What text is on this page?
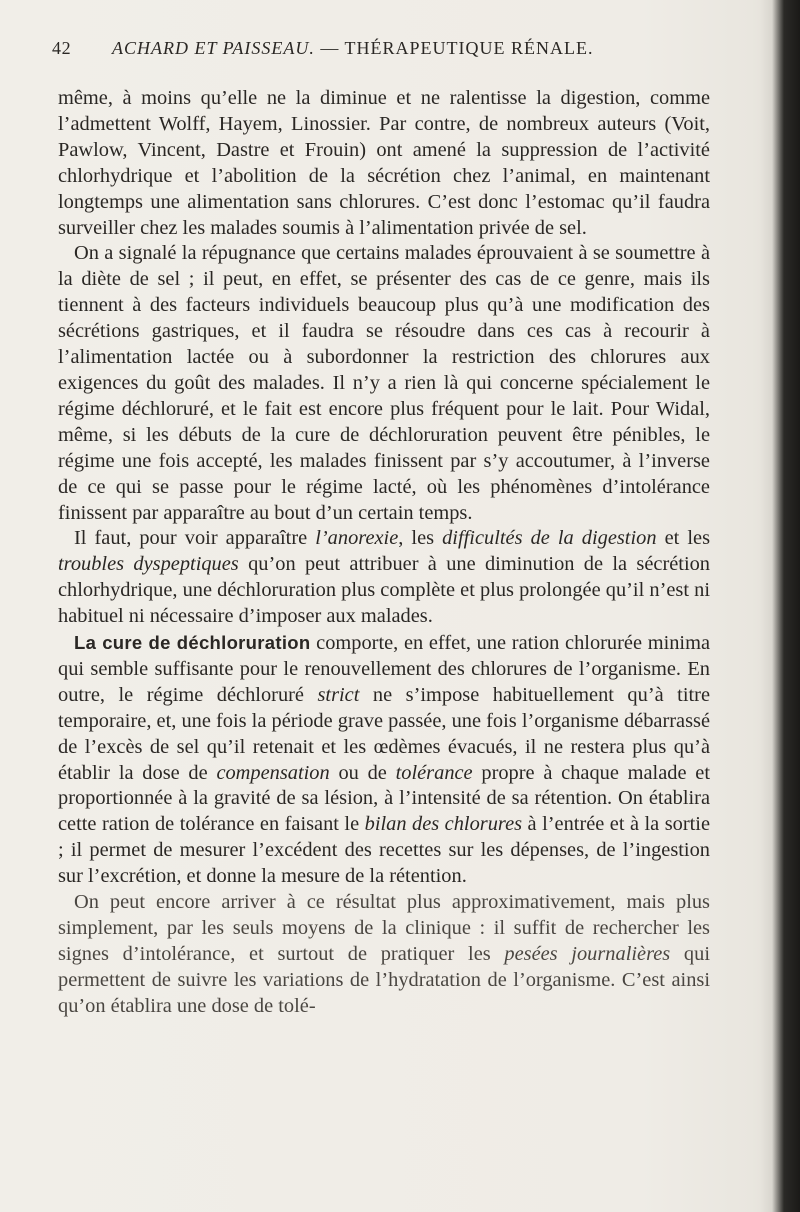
42 ACHARD ET PAISSEAU. — THÉRAPEUTIQUE RÉNALE.

même, à moins qu’elle ne la diminue et ne ralentisse la digestion, comme l’admettent Wolff, Hayem, Linossier. Par contre, de nombreux auteurs (Voit, Pawlow, Vincent, Dastre et Frouin) ont amené la suppression de l’activité chlorhydrique et l’abolition de la sécrétion chez l’animal, en maintenant longtemps une alimentation sans chlorures. C’est donc l’estomac qu’il faudra surveiller chez les malades soumis à l’alimentation privée de sel.

On a signalé la répugnance que certains malades éprouvaient à se soumettre à la diète de sel ; il peut, en effet, se présenter des cas de ce genre, mais ils tiennent à des facteurs individuels beaucoup plus qu’à une modification des sécrétions gastriques, et il faudra se résoudre dans ces cas à recourir à l’alimentation lactée ou à subordonner la restriction des chlorures aux exigences du goût des malades. Il n’y a rien là qui concerne spécialement le régime déchloruré, et le fait est encore plus fréquent pour le lait. Pour Widal, même, si les débuts de la cure de déchloruration peuvent être pénibles, le régime une fois accepté, les malades finissent par s’y accoutumer, à l’inverse de ce qui se passe pour le régime lacté, où les phénomènes d’intolérance finissent par apparaître au bout d’un certain temps.

Il faut, pour voir apparaître l’anorexie, les difficultés de la digestion et les troubles dyspeptiques qu’on peut attribuer à une diminution de la sécrétion chlorhydrique, une déchloruration plus complète et plus prolongée qu’il n’est ni habituel ni nécessaire d’imposer aux malades.

La cure de déchloruration comporte, en effet, une ration chlorurée minima qui semble suffisante pour le renouvellement des chlorures de l’organisme. En outre, le régime déchloruré strict ne s’impose habituellement qu’à titre temporaire, et, une fois la période grave passée, une fois l’organisme débarrassé de l’excès de sel qu’il retenait et les œdèmes évacués, il ne restera plus qu’à établir la dose de compensation ou de tolérance propre à chaque malade et proportionnée à la gravité de sa lésion, à l’intensité de sa rétention. On établira cette ration de tolérance en faisant le bilan des chlorures à l’entrée et à la sortie ; il permet de mesurer l’excédent des recettes sur les dépenses, de l’ingestion sur l’excrétion, et donne la mesure de la rétention.

On peut encore arriver à ce résultat plus approximativement, mais plus simplement, par les seuls moyens de la clinique : il suffit de rechercher les signes d’intolérance, et surtout de pratiquer les pesées journalières qui permettent de suivre les variations de l’hydratation de l’organisme. C’est ainsi qu’on établira une dose de tolé-
